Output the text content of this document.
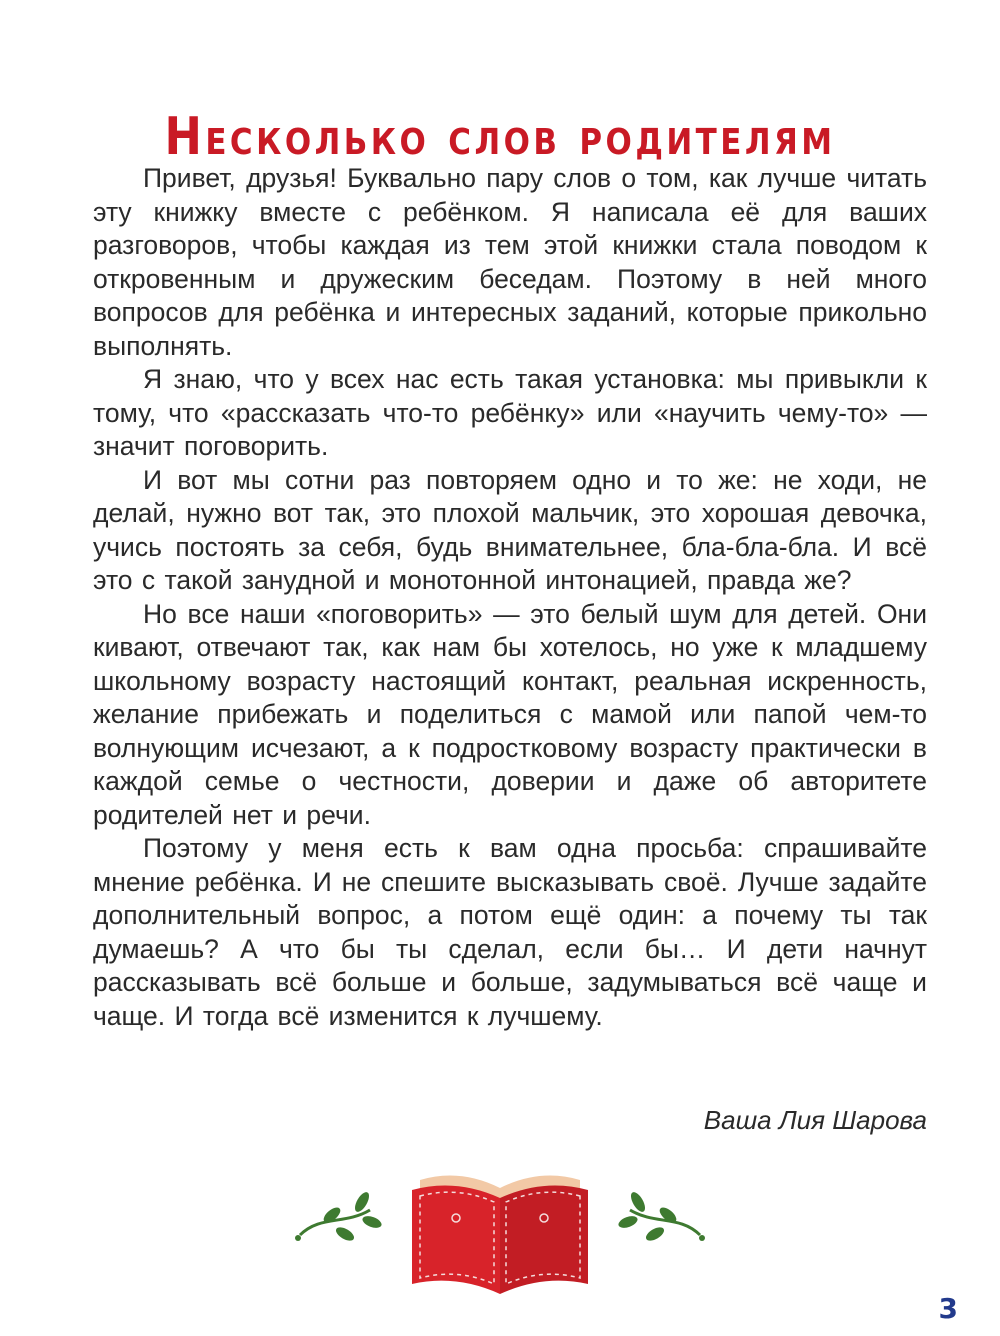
Несколько слов родителям

Привет, друзья! Буквально пару слов о том, как лучше читать эту книжку вместе с ребёнком. Я написала её для ваших разговоров, чтобы каждая из тем этой книжки стала поводом к откровенным и дружеским беседам. Поэтому в ней много вопросов для ребёнка и интересных заданий, которые прикольно выполнять.

Я знаю, что у всех нас есть такая установка: мы привыкли к тому, что «рассказать что-то ребёнку» или «научить чему-то» — значит поговорить.

И вот мы сотни раз повторяем одно и то же: не ходи, не делай, нужно вот так, это плохой мальчик, это хорошая девочка, учись постоять за себя, будь внимательнее, бла-бла-бла. И всё это с такой занудной и монотонной интонацией, правда же?

Но все наши «поговорить» — это белый шум для детей. Они кивают, отвечают так, как нам бы хотелось, но уже к младшему школьному возрасту настоящий контакт, реальная искренность, желание прибежать и поделиться с мамой или папой чем-то волнующим исчезают, а к подростковому возрасту практически в каждой семье о честности, доверии и даже об авторитете родителей нет и речи.

Поэтому у меня есть к вам одна просьба: спрашивайте мнение ребёнка. И не спешите высказывать своё. Лучше задайте дополнительный вопрос, а потом ещё один: а почему ты так думаешь? А что бы ты сделал, если бы… И дети начнут рассказывать всё больше и больше, задумываться всё чаще и чаще. И тогда всё изменится к лучшему.

Ваша Лия Шарова
3
